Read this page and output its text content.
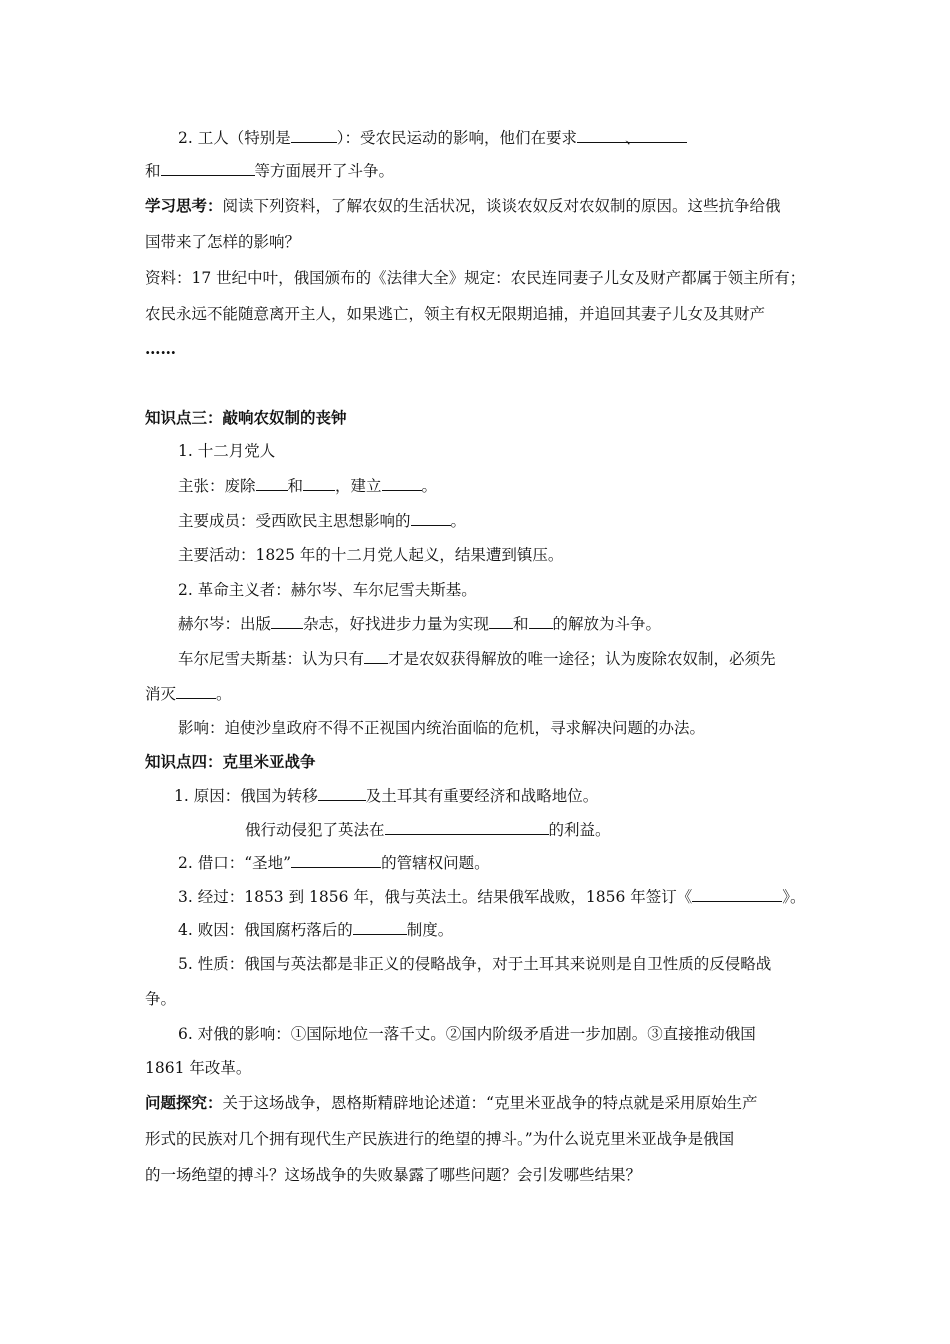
2. 工人（特别是	）：受农民运动的影响，他们在要求	、
和	等方面展开了斗争。
学习思考：阅读下列资料，了解农奴的生活状况，谈谈农奴反对农奴制的原因。这些抗争给俄
国带来了怎样的影响？
资料：17 世纪中叶，俄国颁布的《法律大全》规定：农民连同妻子儿女及财产都属于领主所有；
农民永远不能随意离开主人，如果逃亡，领主有权无限期追捕，并追回其妻子儿女及其财产
……
知识点三：敲响农奴制的丧钟
1. 十二月党人
主张：废除 和 ，建立	。
主要成员：受西欧民主思想影响的	。
主要活动：1825 年的十二月党人起义，结果遭到镇压。
2. 革命主义者：赫尔岑、车尔尼雪夫斯基。
赫尔岑：出版 杂志，好找进步力量为实现 和 的解放为斗争。
车尔尼雪夫斯基：认为只有 才是农奴获得解放的唯一途径；认为废除农奴制，必须先
消灭	。
影响：迫使沙皇政府不得不正视国内统治面临的危机，寻求解决问题的办法。
知识点四：克里米亚战争
1. 原因：俄国为转移	及土耳其有重要经济和战略地位。
俄行动侵犯了英法在	的利益。
2. 借口：“圣地”	的管辖权问题。
3. 经过：1853 到 1856 年，俄与英法土。结果俄军战败，1856 年签订《	》。
4. 败因：俄国腐朽落后的	制度。
5. 性质：俄国与英法都是非正义的侵略战争，对于土耳其来说则是自卫性质的反侵略战
争。
6. 对俄的影响：①国际地位一落千丈。②国内阶级矛盾进一步加剧。③直接推动俄国
1861 年改革。
问题探究：关于这场战争，恩格斯精辟地论述道：“克里米亚战争的特点就是采用原始生产
形式的民族对几个拥有现代生产民族进行的绝望的搏斗。”为什么说克里米亚战争是俄国
的一场绝望的搏斗？这场战争的失败暴露了哪些问题？会引发哪些结果？
